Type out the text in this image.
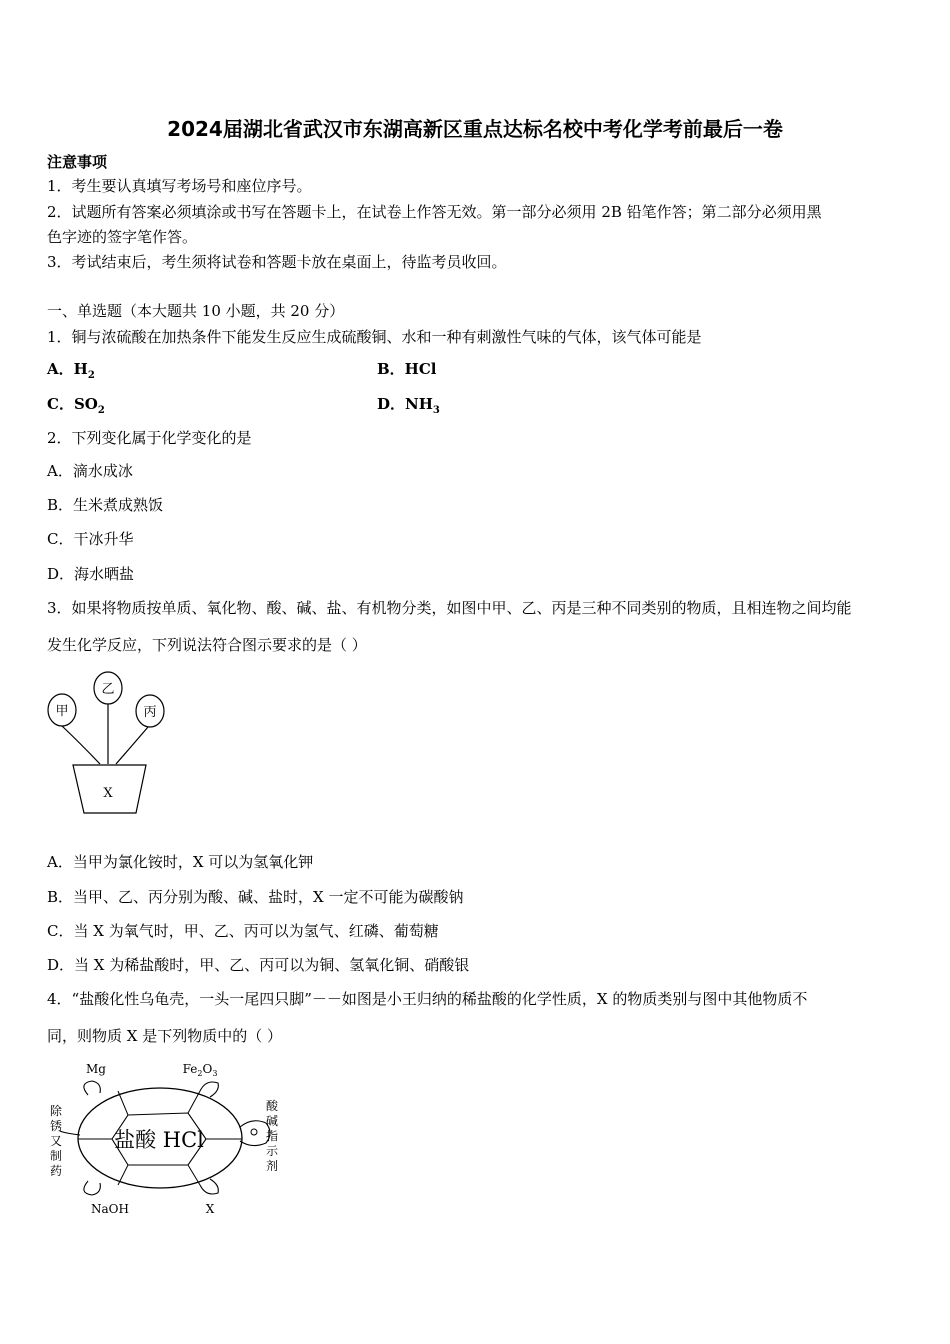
2024届湖北省武汉市东湖高新区重点达标名校中考化学考前最后一卷
注意事项
1．考生要认真填写考场号和座位序号。
2．试题所有答案必须填涂或书写在答题卡上，在试卷上作答无效。第一部分必须用 2B 铅笔作答；第二部分必须用黑
色字迹的签字笔作答。
3．考试结束后，考生须将试卷和答题卡放在桌面上，待监考员收回。
一、单选题（本大题共 10 小题，共 20 分）
1．铜与浓硫酸在加热条件下能发生反应生成硫酸铜、水和一种有刺激性气味的气体，该气体可能是
A．$H_2$	B．HCl
C．$SO_2$	D．$NH_3$
2．下列变化属于化学变化的是
A．滴水成冰
B．生米煮成熟饭
C．干冰升华
D．海水晒盐
3．如果将物质按单质、氧化物、酸、碱、盐、有机物分类，如图中甲、乙、丙是三种不同类别的物质，且相连物之间均能
发生化学反应，下列说法符合图示要求的是（ ）
甲
乙
丙
X
A．当甲为氯化铵时，X 可以为氢氧化钾
B．当甲、乙、丙分别为酸、碱、盐时，X 一定不可能为碳酸钠
C．当 X 为氧气时，甲、乙、丙可以为氢气、红磷、葡萄糖
D．当 X 为稀盐酸时，甲、乙、丙可以为铜、氢氧化铜、硝酸银
4．“盐酸化性乌龟壳，一头一尾四只脚”－－如图是小王归纳的稀盐酸的化学性质，X 的物质类别与图中其他物质不
同，则物质 X 是下列物质中的（ ）
Mg	$Fe_2O_3$
盐酸 HCl
除
锈
又
制
药
酸
碱
指
示
剂
NaOH	X
